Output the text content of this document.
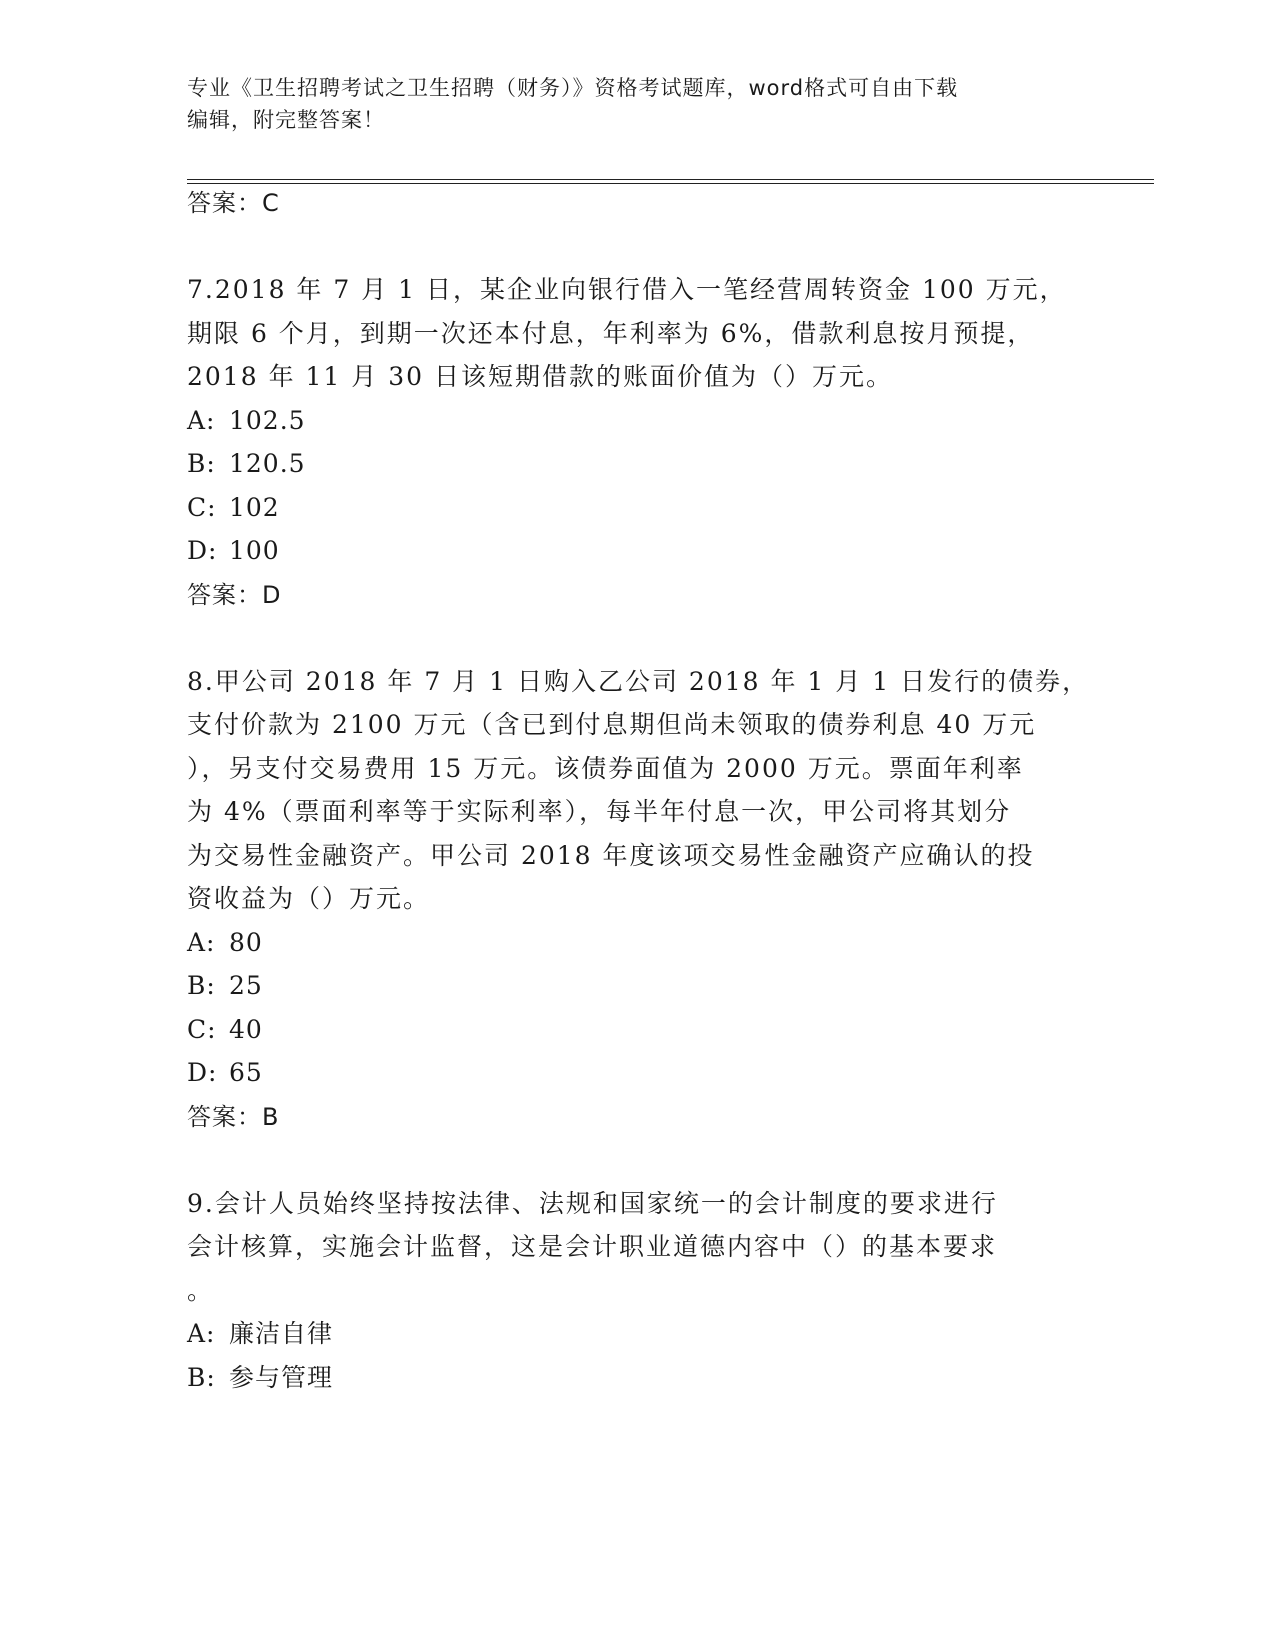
专业《卫生招聘考试之卫生招聘（财务）》资格考试题库，word格式可自由下载
编辑，附完整答案！
答案：C
7.2018 年 7 月 1 日，某企业向银行借入一笔经营周转资金 100 万元，
期限 6 个月，到期一次还本付息，年利率为 6%，借款利息按月预提，
2018 年 11 月 30 日该短期借款的账面价值为（）万元。
A: 102.5
B: 120.5
C: 102
D: 100
答案：D
8.甲公司 2018 年 7 月 1 日购入乙公司 2018 年 1 月 1 日发行的债券，
支付价款为 2100 万元（含已到付息期但尚未领取的债券利息 40 万元
），另支付交易费用 15 万元。该债券面值为 2000 万元。票面年利率
为 4%（票面利率等于实际利率），每半年付息一次，甲公司将其划分
为交易性金融资产。甲公司 2018 年度该项交易性金融资产应确认的投
资收益为（）万元。
A: 80
B: 25
C: 40
D: 65
答案：B
9.会计人员始终坚持按法律、法规和国家统一的会计制度的要求进行
会计核算，实施会计监督，这是会计职业道德内容中（）的基本要求
。
A: 廉洁自律
B: 参与管理
